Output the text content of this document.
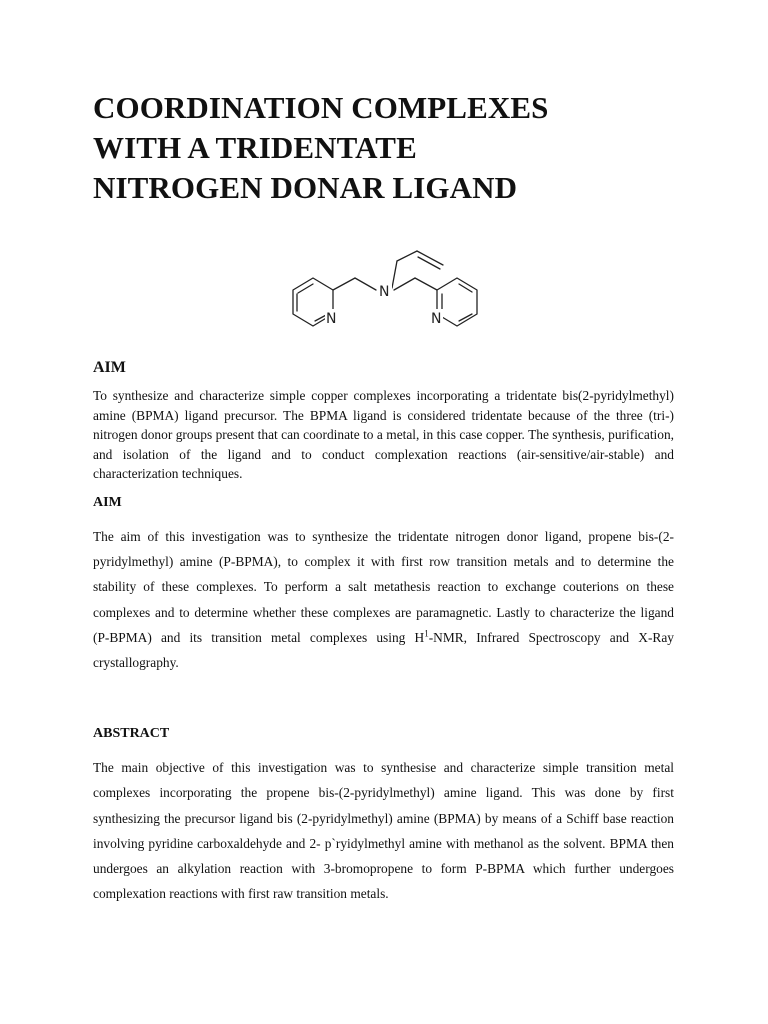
COORDINATION COMPLEXES
WITH A TRIDENTATE
NITROGEN DONAR LIGAND
N
N	N
AIM

To synthesize and characterize simple copper complexes incorporating a tridentate bis(2-pyridylmethyl) amine (BPMA) ligand precursor. The BPMA ligand is considered tridentate because of the three (tri-) nitrogen donor groups present that can coordinate to a metal, in this case copper. The synthesis, purification, and isolation of the ligand and to conduct complexation reactions (air-sensitive/air-stable) and characterization techniques.

AIM

The aim of this investigation was to synthesize the tridentate nitrogen donor ligand, propene bis-(2-pyridylmethyl) amine (P-BPMA), to complex it with first row transition metals and to determine the stability of these complexes. To perform a salt metathesis reaction to exchange couterions on these complexes and to determine whether these complexes are paramagnetic. Lastly to characterize the ligand (P-BPMA) and its transition metal complexes using $H^1$-NMR, Infrared Spectroscopy and X-Ray crystallography.

ABSTRACT

The main objective of this investigation was to synthesise and characterize simple transition metal complexes incorporating the propene bis-(2-pyridylmethyl) amine ligand. This was done by first synthesizing the precursor ligand bis (2-pyridylmethyl) amine (BPMA) by means of a Schiff base reaction involving pyridine carboxaldehyde and 2- p`ryidylmethyl amine with methanol as the solvent. BPMA then undergoes an alkylation reaction with 3-bromopropene to form P-BPMA which further undergoes complexation reactions with first raw transition metals.
